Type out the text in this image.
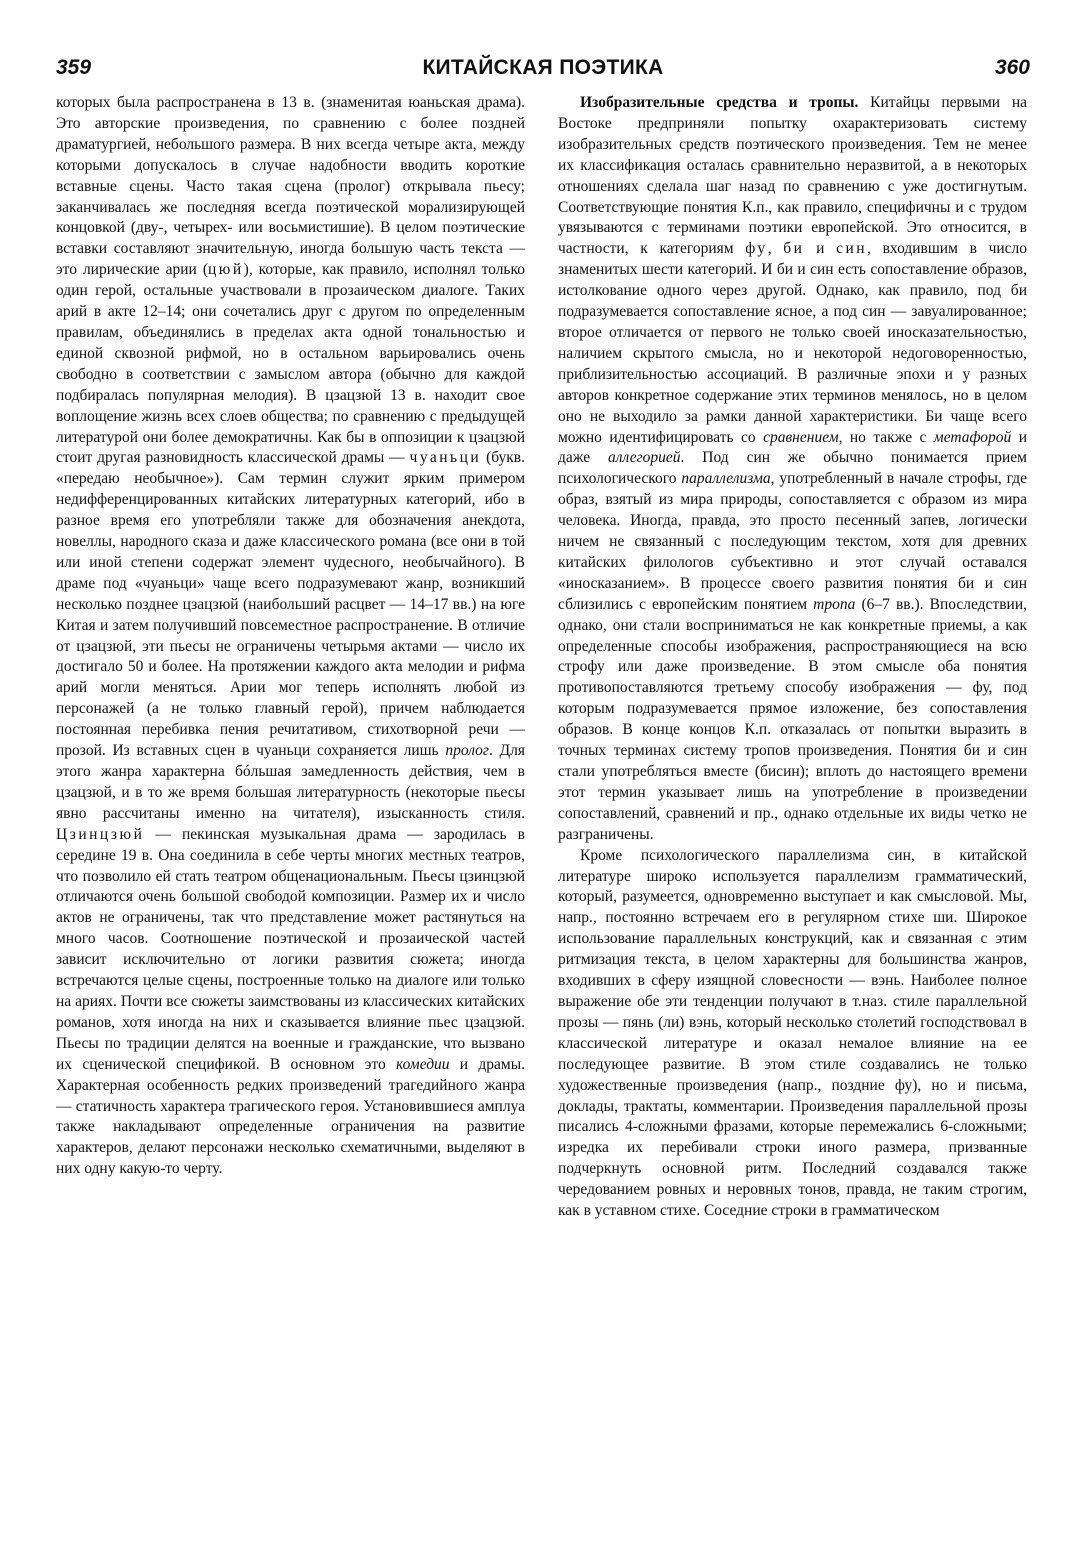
359	КИТАЙСКАЯ ПОЭТИКА	360

которых была распространена в 13 в. (знаменитая юаньская драма). Это авторские произведения, по сравнению с более поздней драматургией, небольшого размера. В них всегда четыре акта, между которыми допускалось в случае надобности вводить короткие вставные сцены. Часто такая сцена (пролог) открывала пьесу; заканчивалась же последняя всегда поэтической морализирующей концовкой (дву-, четырех- или восьмистишие). В целом поэтические вставки составляют значительную, иногда большую часть текста — это лирические арии (цюй), которые, как правило, исполнял только один герой, остальные участвовали в прозаическом диалоге. Таких арий в акте 12–14; они сочетались друг с другом по определенным правилам, объединялись в пределах акта одной тональностью и единой сквозной рифмой, но в остальном варьировались очень свободно в соответствии с замыслом автора (обычно для каждой подбиралась популярная мелодия). В цзацзюй 13 в. находит свое воплощение жизнь всех слоев общества; по сравнению с предыдущей литературой они более демократичны. Как бы в оппозиции к цзацзюй стоит другая разновидность классической драмы — чуаньци (букв. «передаю необычное»). Сам термин служит ярким примером недифференцированных китайских литературных категорий, ибо в разное время его употребляли также для обозначения анекдота, новеллы, народного сказа и даже классического романа (все они в той или иной степени содержат элемент чудесного, необычайного). В драме под «чуаньци» чаще всего подразумевают жанр, возникший несколько позднее цзацзюй (наибольший расцвет — 14–17 вв.) на юге Китая и затем получивший повсеместное распространение. В отличие от цзацзюй, эти пьесы не ограничены четырьмя актами — число их достигало 50 и более. На протяжении каждого акта мелодии и рифма арий могли меняться. Арии мог теперь исполнять любой из персонажей (а не только главный герой), причем наблюдается постоянная перебивка пения речитативом, стихотворной речи — прозой. Из вставных сцен в чуаньци сохраняется лишь пролог. Для этого жанра характерна бóльшая замедленность действия, чем в цзацзюй, и в то же время большая литературность (некоторые пьесы явно рассчитаны именно на читателя), изысканность стиля. Цзинцзюй — пекинская музыкальная драма — зародилась в середине 19 в. Она соединила в себе черты многих местных театров, что позволило ей стать театром общенациональным. Пьесы цзинцзюй отличаются очень большой свободой композиции. Размер их и число актов не ограничены, так что представление может растянуться на много часов. Соотношение поэтической и прозаической частей зависит исключительно от логики развития сюжета; иногда встречаются целые сцены, построенные только на диалоге или только на ариях. Почти все сюжеты заимствованы из классических китайских романов, хотя иногда на них и сказывается влияние пьес цзацзюй. Пьесы по традиции делятся на военные и гражданские, что вызвано их сценической спецификой. В основном это комедии и драмы. Характерная особенность редких произведений трагедийного жанра — статичность характера трагического героя. Установившиеся амплуа также накладывают определенные ограничения на развитие характеров, делают персонажи несколько схематичными, выделяют в них одну какую-то черту.

Изобразительные средства и тропы. Китайцы первыми на Востоке предприняли попытку охарактеризовать систему изобразительных средств поэтического произведения. Тем не менее их классификация осталась сравнительно неразвитой, а в некоторых отношениях сделала шаг назад по сравнению с уже достигнутым. Соответствующие понятия К.п., как правило, специфичны и с трудом увязываются с терминами поэтики европейской. Это относится, в частности, к категориям фу, би и син, входившим в число знаменитых шести категорий. И би и син есть сопоставление образов, истолкование одного через другой. Однако, как правило, под би подразумевается сопоставление ясное, а под син — завуалированное; второе отличается от первого не только своей иносказательностью, наличием скрытого смысла, но и некоторой недоговоренностью, приблизительностью ассоциаций. В различные эпохи и у разных авторов конкретное содержание этих терминов менялось, но в целом оно не выходило за рамки данной характеристики. Би чаще всего можно идентифицировать со сравнением, но также с метафорой и даже аллегорией. Под син же обычно понимается прием психологического параллелизма, употребленный в начале строфы, где образ, взятый из мира природы, сопоставляется с образом из мира человека. Иногда, правда, это просто песенный запев, логически ничем не связанный с последующим текстом, хотя для древних китайских филологов субъективно и этот случай оставался «иносказанием». В процессе своего развития понятия би и син сблизились с европейским понятием тропа (6–7 вв.). Впоследствии, однако, они стали восприниматься не как конкретные приемы, а как определенные способы изображения, распространяющиеся на всю строфу или даже произведение. В этом смысле оба понятия противопоставляются третьему способу изображения — фу, под которым подразумевается прямое изложение, без сопоставления образов. В конце концов К.п. отказалась от попытки выразить в точных терминах систему тропов произведения. Понятия би и син стали употребляться вместе (бисин); вплоть до настоящего времени этот термин указывает лишь на употребление в произведении сопоставлений, сравнений и пр., однако отдельные их виды четко не разграничены.

Кроме психологического параллелизма син, в китайской литературе широко используется параллелизм грамматический, который, разумеется, одновременно выступает и как смысловой. Мы, напр., постоянно встречаем его в регулярном стихе ши. Широкое использование параллельных конструкций, как и связанная с этим ритмизация текста, в целом характерны для большинства жанров, входивших в сферу изящной словесности — вэнь. Наиболее полное выражение обе эти тенденции получают в т.наз. стиле параллельной прозы — пянь (ли) вэнь, который несколько столетий господствовал в классической литературе и оказал немалое влияние на ее последующее развитие. В этом стиле создавались не только художественные произведения (напр., поздние фу), но и письма, доклады, трактаты, комментарии. Произведения параллельной прозы писались 4-сложными фразами, которые перемежались 6-сложными; изредка их перебивали строки иного размера, призванные подчеркнуть основной ритм. Последний создавался также чередованием ровных и неровных тонов, правда, не таким строгим, как в уставном стихе. Соседние строки в грамматическом
